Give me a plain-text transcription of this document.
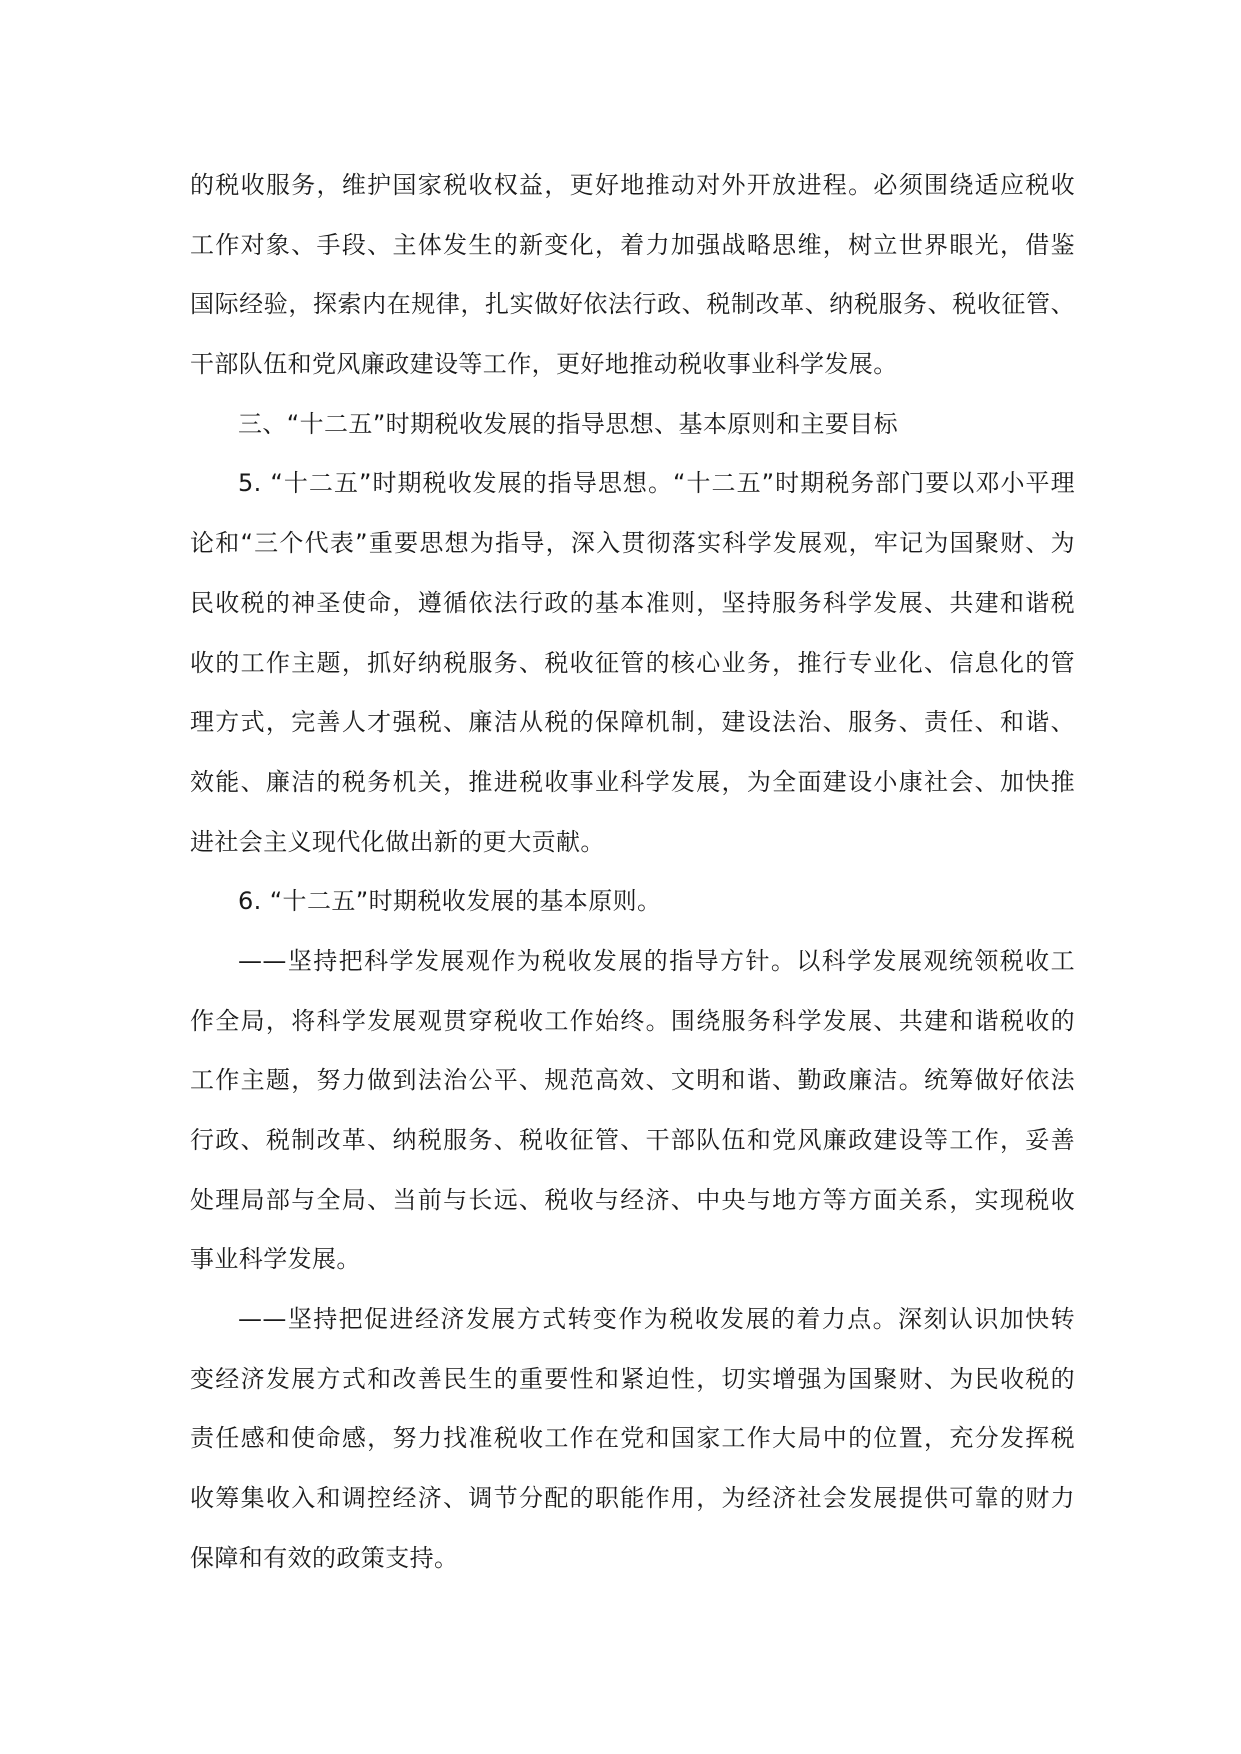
的税收服务，维护国家税收权益，更好地推动对外开放进程。必须围绕适应税收
工作对象、手段、主体发生的新变化，着力加强战略思维，树立世界眼光，借鉴
国际经验，探索内在规律，扎实做好依法行政、税制改革、纳税服务、税收征管、
干部队伍和党风廉政建设等工作，更好地推动税收事业科学发展。
三、“十二五”时期税收发展的指导思想、基本原则和主要目标
5. “十二五”时期税收发展的指导思想。“十二五”时期税务部门要以邓小平理
论和“三个代表”重要思想为指导，深入贯彻落实科学发展观，牢记为国聚财、为
民收税的神圣使命，遵循依法行政的基本准则，坚持服务科学发展、共建和谐税
收的工作主题，抓好纳税服务、税收征管的核心业务，推行专业化、信息化的管
理方式，完善人才强税、廉洁从税的保障机制，建设法治、服务、责任、和谐、
效能、廉洁的税务机关，推进税收事业科学发展，为全面建设小康社会、加快推
进社会主义现代化做出新的更大贡献。
6. “十二五”时期税收发展的基本原则。
——坚持把科学发展观作为税收发展的指导方针。以科学发展观统领税收工
作全局，将科学发展观贯穿税收工作始终。围绕服务科学发展、共建和谐税收的
工作主题，努力做到法治公平、规范高效、文明和谐、勤政廉洁。统筹做好依法
行政、税制改革、纳税服务、税收征管、干部队伍和党风廉政建设等工作，妥善
处理局部与全局、当前与长远、税收与经济、中央与地方等方面关系，实现税收
事业科学发展。
——坚持把促进经济发展方式转变作为税收发展的着力点。深刻认识加快转
变经济发展方式和改善民生的重要性和紧迫性，切实增强为国聚财、为民收税的
责任感和使命感，努力找准税收工作在党和国家工作大局中的位置，充分发挥税
收筹集收入和调控经济、调节分配的职能作用，为经济社会发展提供可靠的财力
保障和有效的政策支持。
